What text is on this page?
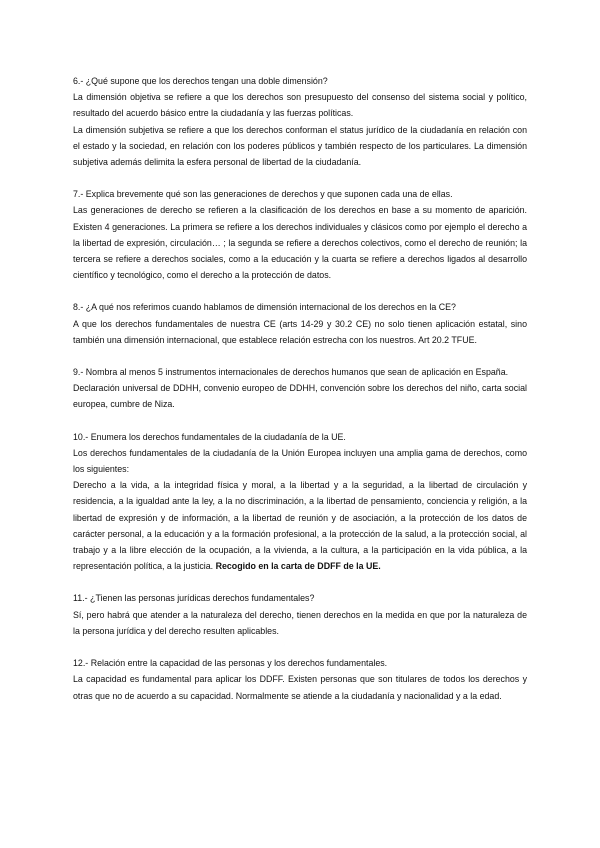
6.- ¿Qué supone que los derechos tengan una doble dimensión?

La dimensión objetiva se refiere a que los derechos son presupuesto del consenso del sistema social y político, resultado del acuerdo básico entre la ciudadanía y las fuerzas políticas.

La dimensión subjetiva se refiere a que los derechos conforman el status jurídico de la ciudadanía en relación con el estado y la sociedad, en relación con los poderes públicos y también respecto de los particulares. La dimensión subjetiva además delimita la esfera personal de libertad de la ciudadanía.

7.- Explica brevemente qué son las generaciones de derechos y que suponen cada una de ellas.

Las generaciones de derecho se refieren a la clasificación de los derechos en base a su momento de aparición. Existen 4 generaciones. La primera se refiere a los derechos individuales y clásicos como por ejemplo el derecho a la libertad de expresión, circulación… ; la segunda se refiere a derechos colectivos, como el derecho de reunión; la tercera se refiere a derechos sociales, como a la educación y la cuarta se refiere a derechos ligados al desarrollo científico y tecnológico, como el derecho a la protección de datos.

8.- ¿A qué nos referimos cuando hablamos de dimensión internacional de los derechos en la CE?

A que los derechos fundamentales de nuestra CE (arts 14-29 y 30.2 CE) no solo tienen aplicación estatal, sino también una dimensión internacional, que establece relación estrecha con los nuestros. Art 20.2 TFUE.

9.- Nombra al menos 5 instrumentos internacionales de derechos humanos que sean de aplicación en España.

Declaración universal de DDHH, convenio europeo de DDHH, convención sobre los derechos del niño, carta social europea, cumbre de Niza.

10.- Enumera los derechos fundamentales de la ciudadanía de la UE.

Los derechos fundamentales de la ciudadanía de la Unión Europea incluyen una amplia gama de derechos, como los siguientes:

Derecho a la vida, a la integridad física y moral, a la libertad y a la seguridad, a la libertad de circulación y residencia, a la igualdad ante la ley, a la no discriminación, a la libertad de pensamiento, conciencia y religión, a la libertad de expresión y de información, a la libertad de reunión y de asociación, a la protección de los datos de carácter personal, a la educación y a la formación profesional, a la protección de la salud, a la protección social, al trabajo y a la libre elección de la ocupación, a la vivienda, a la cultura, a la participación en la vida pública, a la representación política, a la justicia. Recogido en la carta de DDFF de la UE.

11.- ¿Tienen las personas jurídicas derechos fundamentales?

Sí, pero habrá que atender a la naturaleza del derecho, tienen derechos en la medida en que por la naturaleza de la persona jurídica y del derecho resulten aplicables.

12.- Relación entre la capacidad de las personas y los derechos fundamentales.

La capacidad es fundamental para aplicar los DDFF. Existen personas que son titulares de todos los derechos y otras que no de acuerdo a su capacidad. Normalmente se atiende a la ciudadanía y nacionalidad y a la edad.
